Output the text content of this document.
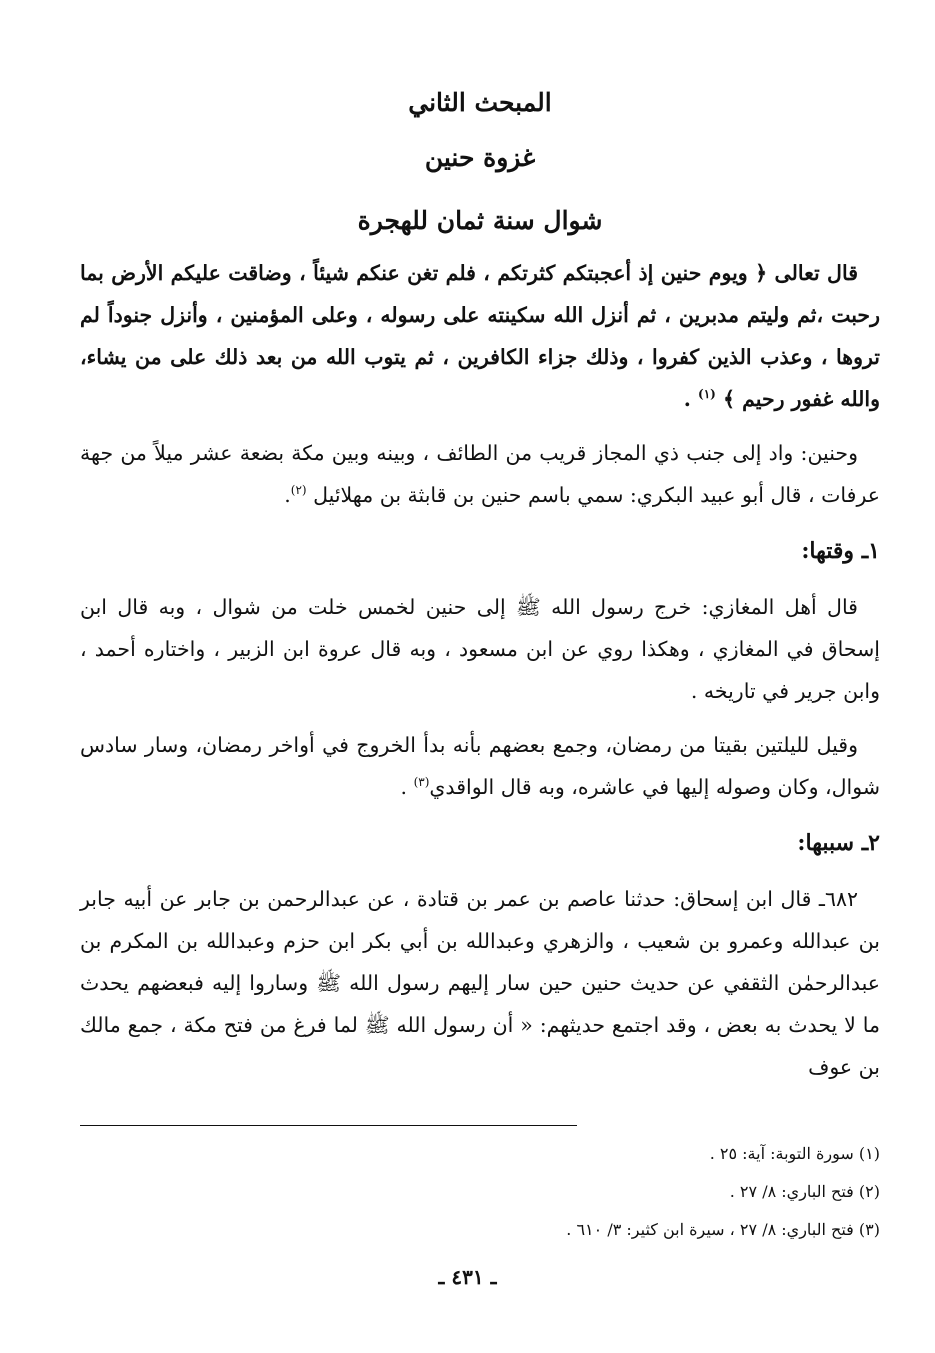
المبحث الثاني
غزوة حنين
شوال سنة ثمان للهجرة

قال تعالى ﴿ ويوم حنين إذ أعجبتكم كثرتكم ، فلم تغن عنكم شيئاً ، وضاقت عليكم الأرض بما رحبت ،ثم وليتم مدبرين ، ثم أنزل الله سكينته على رسوله ، وعلى المؤمنين ، وأنزل جنوداً لم تروها ، وعذب الذين كفروا ، وذلك جزاء الكافرين ، ثم يتوب الله من بعد ذلك على من يشاء، والله غفور رحيم ﴾ $^{(١)}$ .

وحنين: واد إلى جنب ذي المجاز قريب من الطائف ، وبينه وبين مكة بضعة عشر ميلاً من جهة عرفات ، قال أبو عبيد البكري: سمي باسم حنين بن قابثة بن مهلائيل $^{(٢)}$.

١ـ وقتها:

قال أهل المغازي: خرج رسول الله ﷺ إلى حنين لخمس خلت من شوال ، وبه قال ابن إسحاق في المغازي ، وهكذا روي عن ابن مسعود ، وبه قال عروة ابن الزبير ، واختاره أحمد ، وابن جرير في تاريخه .

وقيل لليلتين بقيتا من رمضان، وجمع بعضهم بأنه بدأ الخروج في أواخر رمضان، وسار سادس شوال، وكان وصوله إليها في عاشره، وبه قال الواقدي$^{(٣)}$ .

٢ـ سببها:

٦٨٢ـ قال ابن إسحاق: حدثنا عاصم بن عمر بن قتادة ، عن عبدالرحمن بن جابر عن أبيه جابر بن عبدالله وعمرو بن شعيب ، والزهري وعبدالله بن أبي بكر ابن حزم وعبدالله بن المكرم بن عبدالرحمٰن الثقفي عن حديث حنين حين سار إليهم رسول الله ﷺ وساروا إليه فبعضهم يحدث ما لا يحدث به بعض ، وقد اجتمع حديثهم: « أن رسول الله ﷺ لما فرغ من فتح مكة ، جمع مالك بن عوف

(١) سورة التوبة: آية: ٢٥ .

(٢) فتح الباري: ٨/ ٢٧ .

(٣) فتح الباري: ٨/ ٢٧ ، سيرة ابن كثير: ٣/ ٦١٠ .

ـ ٤٣١ ـ
